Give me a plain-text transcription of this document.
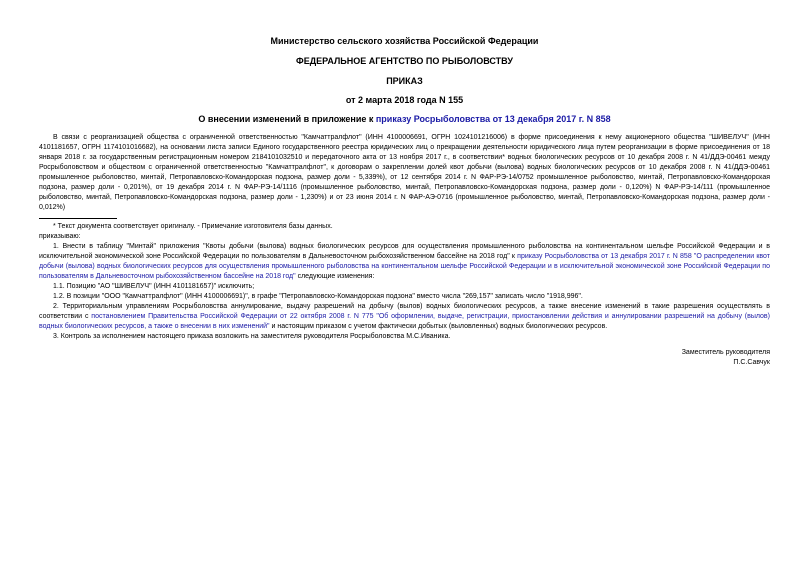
Министерство сельского хозяйства Российской Федерации
ФЕДЕРАЛЬНОЕ АГЕНТСТВО ПО РЫБОЛОВСТВУ
ПРИКАЗ
от 2 марта 2018 года N 155
О внесении изменений в приложение к приказу Росрыболовства от 13 декабря 2017 г. N 858
В связи с реорганизацией общества с ограниченной ответственностью "Камчаттралфлот" (ИНН 4100006691, ОГРН 1024101216006) в форме присоединения к нему акционерного общества "ШИВЕЛУЧ" (ИНН 4101181657, ОГРН 1174101016682), на основании листа записи Единого государственного реестра юридических лиц о прекращении деятельности юридического лица путем реорганизации в форме присоединения от 18 января 2018 г. за государственным регистрационным номером 2184101032510 и передаточного акта от 13 ноября 2017 г., в соответствии* водных биологических ресурсов от 10 декабря 2008 г. N 41/ДДЭ-00461 между Росрыболовством и обществом с ограниченной ответственностью "Камчаттралфлот", к договорам о закреплении долей квот добычи (вылова) водных биологических ресурсов от 10 декабря 2008 г. N 41/ДДЭ-00461 промышленное рыболовство, минтай, Петропавловско-Командорская подзона, размер доли - 5,339%), от 12 сентября 2014 г. N ФАР-РЭ-14/0752 промышленное рыболовство, минтай, Петропавловско-Командорская подзона, размер доли - 0,201%), от 19 декабря 2014 г. N ФАР-РЭ-14/1116 (промышленное рыболовство, минтай, Петропавловско-Командорская подзона, размер доли - 0,120%) N ФАР-РЭ-14/111 (промышленное рыболовство, минтай, Петропавловско-Командорская подзона, размер доли - 1,230%) и от 23 июня 2014 г. N ФАР-АЭ-0716 (промышленное рыболовство, минтай, Петропавловско-Командорская подзона, размер доли - 0,012%)
* Текст документа соответствует оригиналу. - Примечание изготовителя базы данных.
приказываю:
1. Внести в таблицу "Минтай" приложения "Квоты добычи (вылова) водных биологических ресурсов для осуществления промышленного рыболовства на континентальном шельфе Российской Федерации и в исключительной экономической зоне Российской Федерации по пользователям в Дальневосточном рыбохозяйственном бассейне на 2018 год" к приказу Росрыболовства от 13 декабря 2017 г. N 858 "О распределении квот добычи (вылова) водных биологических ресурсов для осуществления промышленного рыболовства на континентальном шельфе Российской Федерации и в исключительной экономической зоне Российской Федерации по пользователям в Дальневосточном рыбохозяйственном бассейне на 2018 год" следующие изменения:
1.1. Позицию "АО "ШИВЕЛУЧ" (ИНН 4101181657)" исключить;
1.2. В позиции "ООО "Камчаттралфлот" (ИНН 4100006691)", в графе "Петропавловско-Командорская подзона" вместо числа "269,157" записать число "1918,996".
2. Территориальным управлениям Росрыболовства аннулирование, выдачу разрешений на добычу (вылов) водных биологических ресурсов, а также внесение изменений в такие разрешения осуществлять в соответствии с постановлением Правительства Российской Федерации от 22 октября 2008 г. N 775 "Об оформлении, выдаче, регистрации, приостановлении действия и аннулировании разрешений на добычу (вылов) водных биологических ресурсов, а также о внесении в них изменений" и настоящим приказом с учетом фактически добытых (выловленных) водных биологических ресурсов.
3. Контроль за исполнением настоящего приказа возложить на заместителя руководителя Росрыболовства М.С.Иваника.
Заместитель руководителя
П.С.Савчук
